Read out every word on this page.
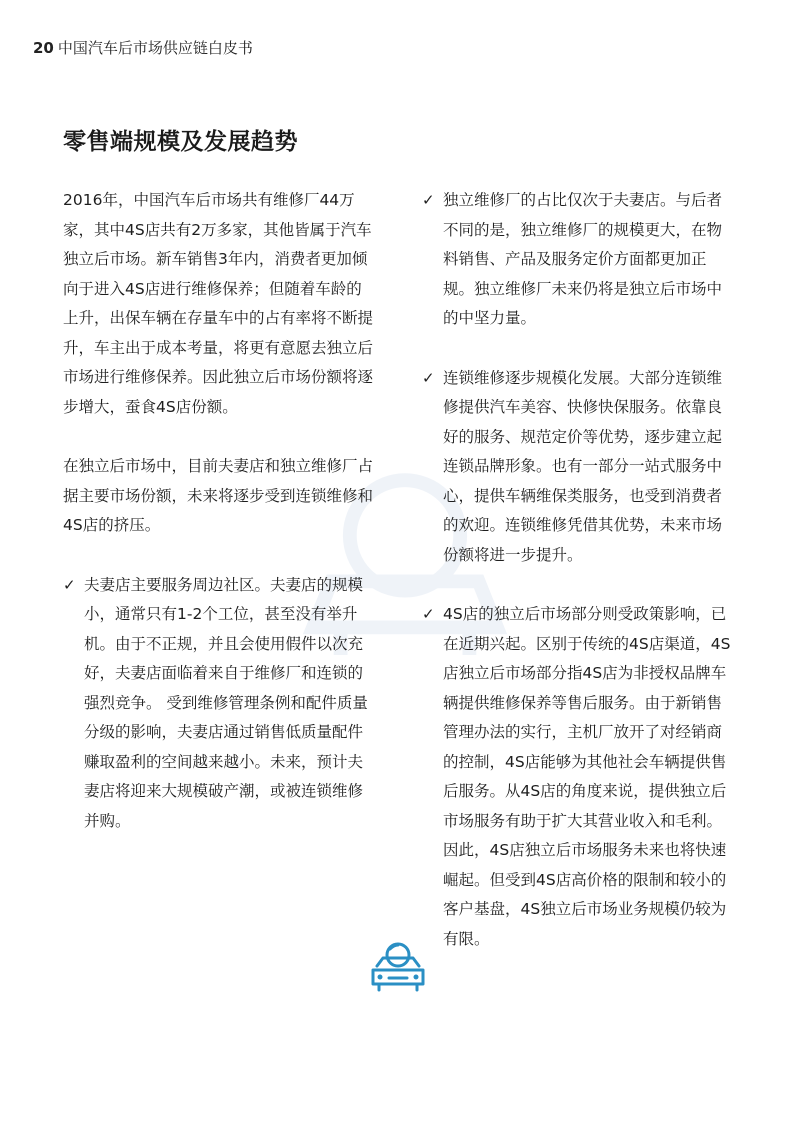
20 中国汽车后市场供应链白皮书
零售端规模及发展趋势

2016年，中国汽车后市场共有维修厂44万家，其中4S店共有2万多家，其他皆属于汽车独立后市场。新车销售3年内，消费者更加倾向于进入4S店进行维修保养；但随着车龄的上升，出保车辆在存量车中的占有率将不断提升，车主出于成本考量，将更有意愿去独立后市场进行维修保养。因此独立后市场份额将逐步增大，蚕食4S店份额。

在独立后市场中，目前夫妻店和独立维修厂占据主要市场份额，未来将逐步受到连锁维修和4S店的挤压。

✓ 夫妻店主要服务周边社区。夫妻店的规模小，通常只有1-2个工位，甚至没有举升机。由于不正规，并且会使用假件以次充好，夫妻店面临着来自于维修厂和连锁的强烈竞争。 受到维修管理条例和配件质量分级的影响，夫妻店通过销售低质量配件赚取盈利的空间越来越小。未来，预计夫妻店将迎来大规模破产潮，或被连锁维修并购。
✓ 独立维修厂的占比仅次于夫妻店。与后者不同的是，独立维修厂的规模更大，在物料销售、产品及服务定价方面都更加正规。独立维修厂未来仍将是独立后市场中的中坚力量。
✓ 连锁维修逐步规模化发展。大部分连锁维修提供汽车美容、快修快保服务。依靠良好的服务、规范定价等优势，逐步建立起连锁品牌形象。也有一部分一站式服务中心，提供车辆维保类服务，也受到消费者的欢迎。连锁维修凭借其优势，未来市场份额将进一步提升。
✓ 4S店的独立后市场部分则受政策影响，已在近期兴起。区别于传统的4S店渠道，4S店独立后市场部分指4S店为非授权品牌车辆提供维修保养等售后服务。由于新销售管理办法的实行，主机厂放开了对经销商的控制，4S店能够为其他社会车辆提供售后服务。从4S店的角度来说，提供独立后市场服务有助于扩大其营业收入和毛利。因此，4S店独立后市场服务未来也将快速崛起。但受到4S店高价格的限制和较小的客户基盘，4S独立后市场业务规模仍较为有限。
